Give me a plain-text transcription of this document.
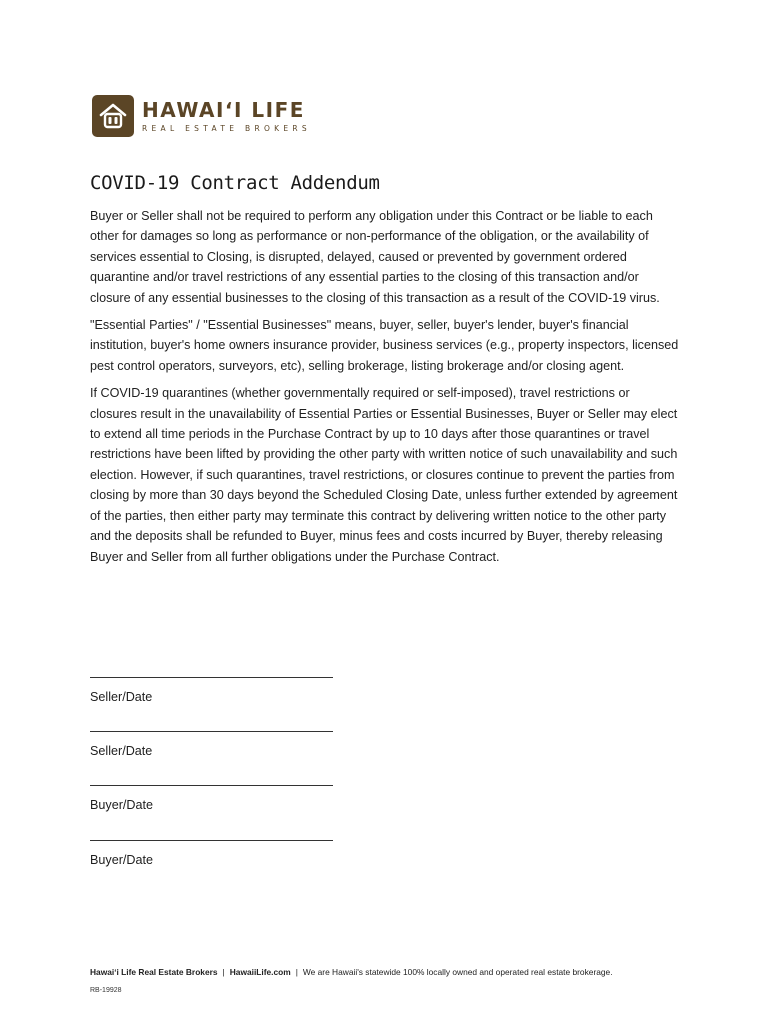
HAWAIʻI LIFE
REAL ESTATE BROKERS
COVID-19 Contract Addendum

Buyer or Seller shall not be required to perform any obligation under this Contract or be liable to each other for damages so long as performance or non-performance of the obligation, or the availability of services essential to Closing, is disrupted, delayed, caused or prevented by government ordered quarantine and/or travel restrictions of any essential parties to the closing of this transaction and/or closure of any essential businesses to the closing of this transaction as a result of the COVID-19 virus.

"Essential Parties" / "Essential Businesses" means, buyer, seller, buyer's lender, buyer's financial institution, buyer's home owners insurance provider, business services (e.g., property inspectors, licensed pest control operators, surveyors, etc), selling brokerage, listing brokerage and/or closing agent.

If COVID-19 quarantines (whether governmentally required or self-imposed), travel restrictions or closures result in the unavailability of Essential Parties or Essential Businesses, Buyer or Seller may elect to extend all time periods in the Purchase Contract by up to 10 days after those quarantines or travel restrictions have been lifted by providing the other party with written notice of such unavailability and such election. However, if such quarantines, travel restrictions, or closures continue to prevent the parties from closing by more than 30 days beyond the Scheduled Closing Date, unless further extended by agreement of the parties, then either party may terminate this contract by delivering written notice to the other party and the deposits shall be refunded to Buyer, minus fees and costs incurred by Buyer, thereby releasing Buyer and Seller from all further obligations under the Purchase Contract.

Seller/Date
Seller/Date
Buyer/Date
Buyer/Date
Hawaiʻi Life Real Estate Brokers | HawaiiLife.com | We are Hawaii's statewide 100% locally owned and operated real estate brokerage.
RB-19928
